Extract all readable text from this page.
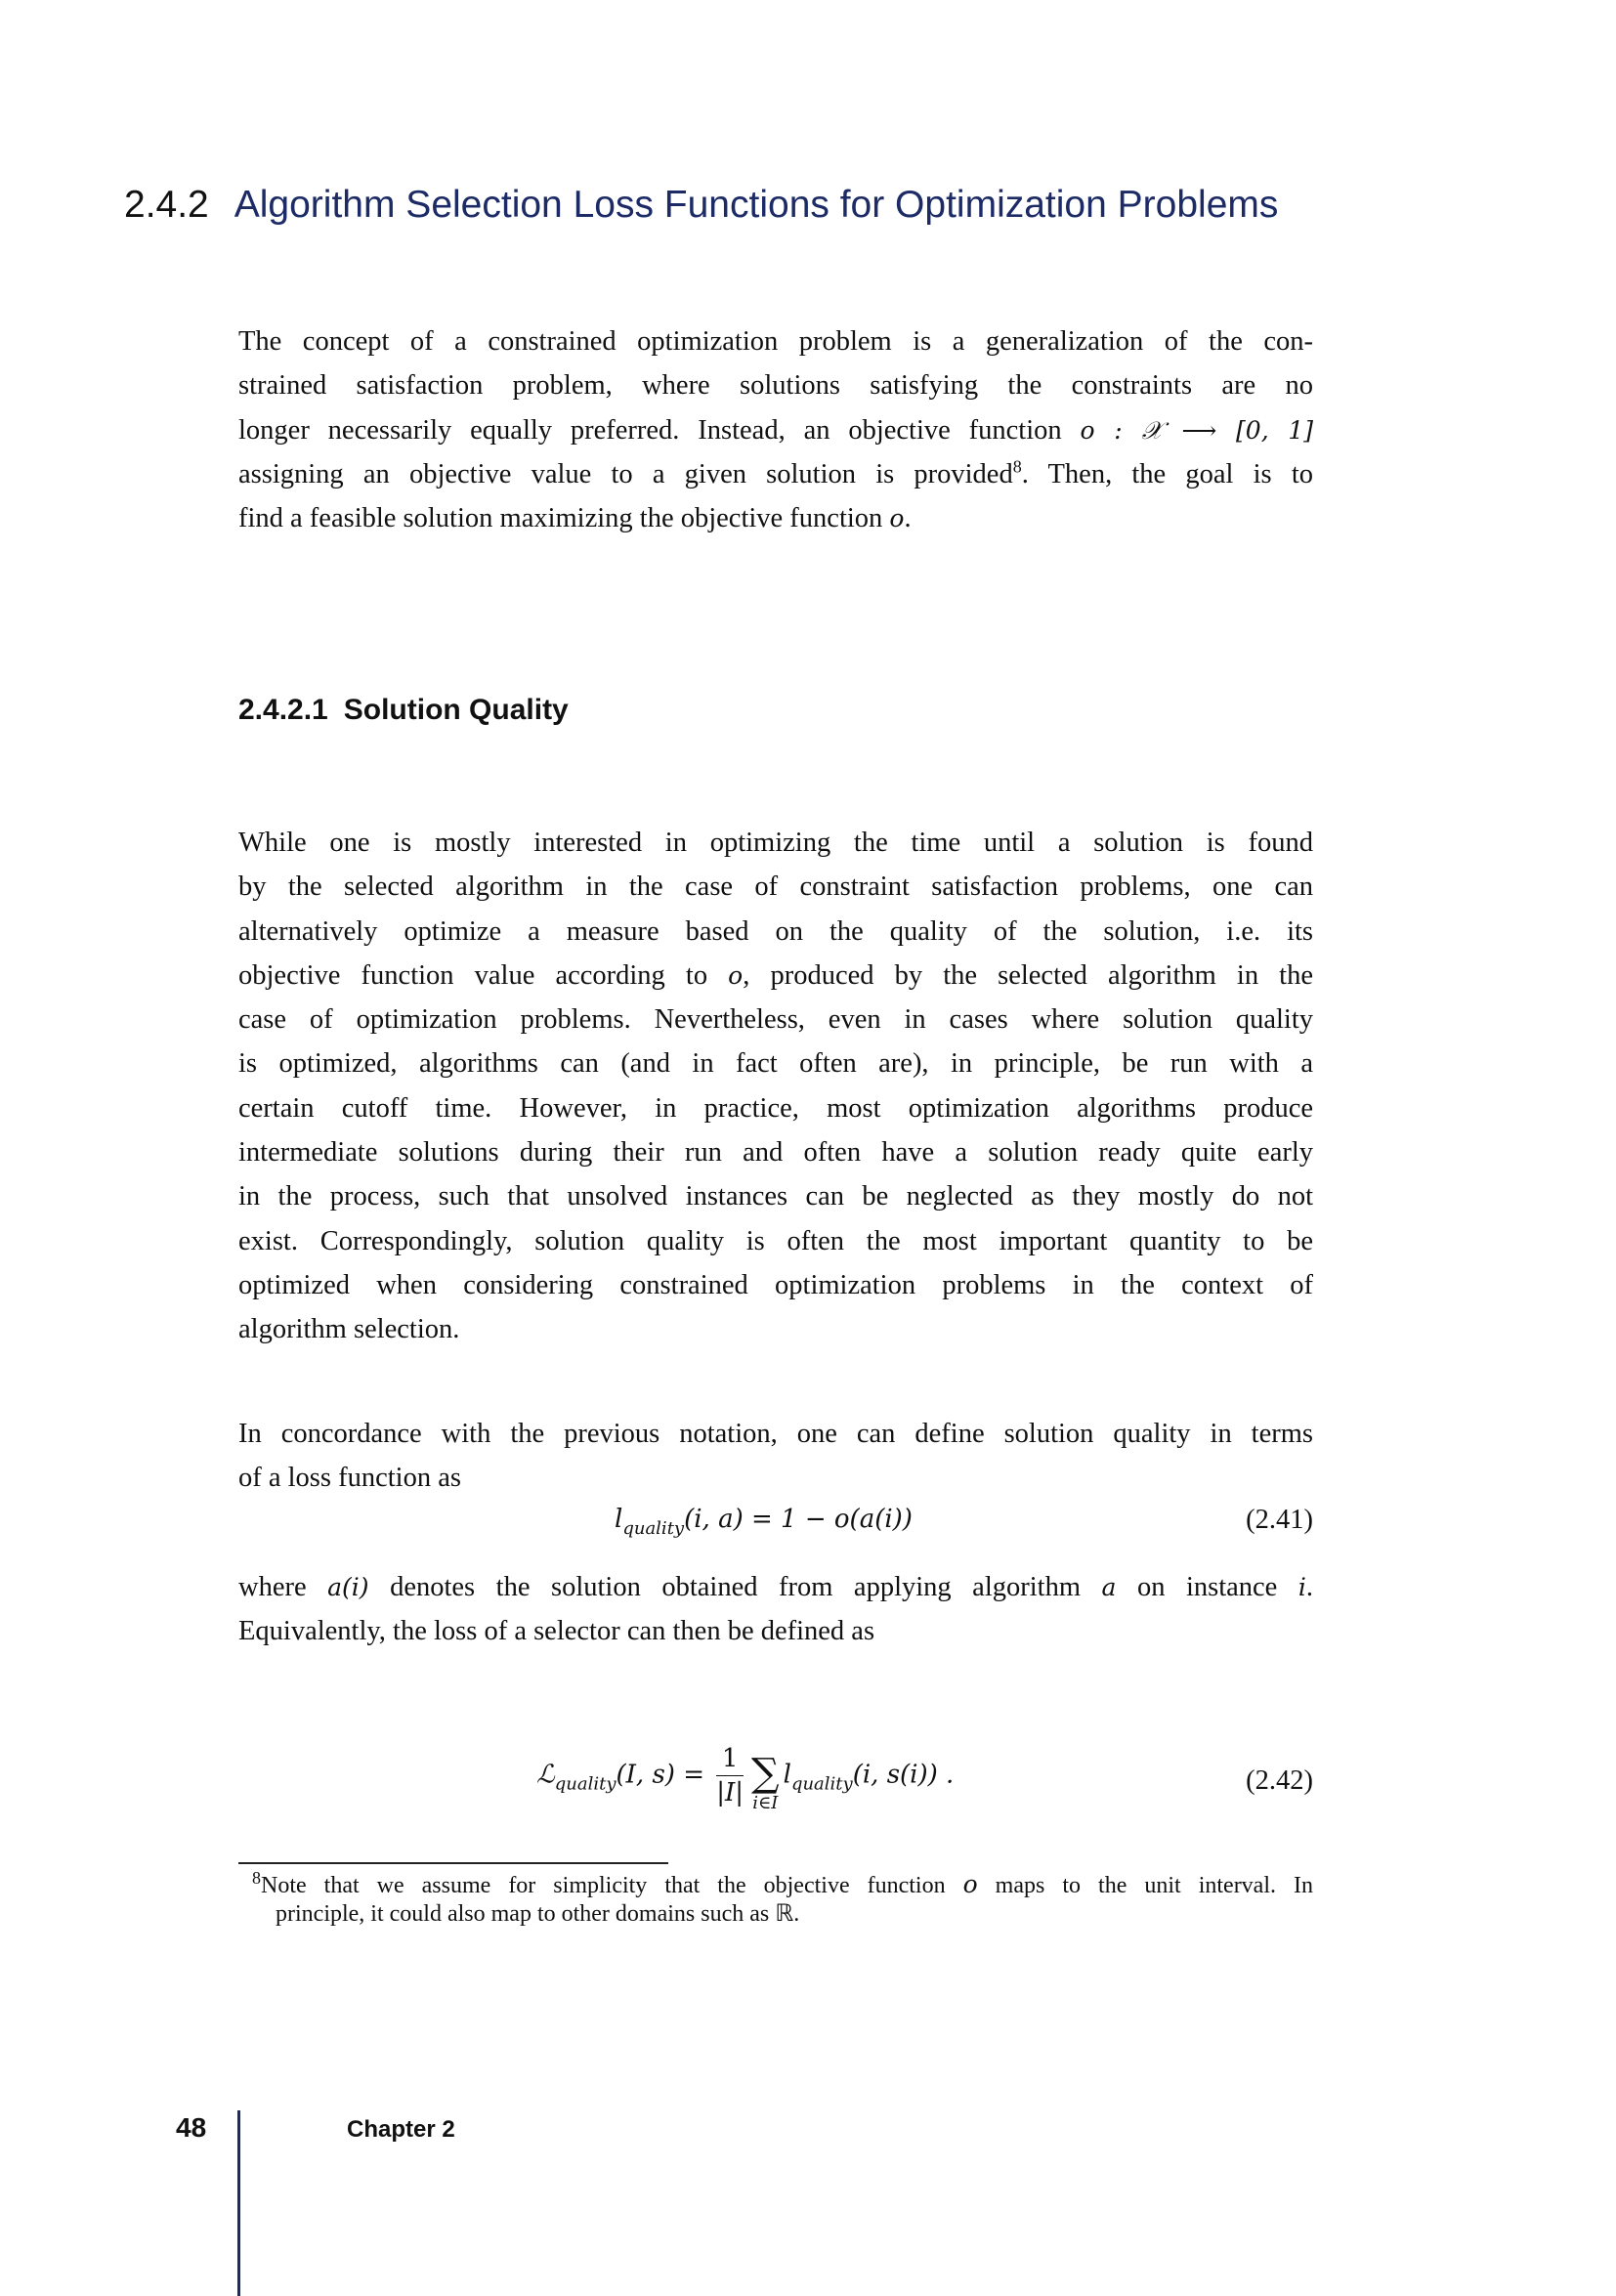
2.4.2 Algorithm Selection Loss Functions for Optimization Problems
The concept of a constrained optimization problem is a generalization of the con-
strained satisfaction problem, where solutions satisfying the constraints are no
longer necessarily equally preferred. Instead, an objective function o : 𝒳 ⟶ [0, 1]
assigning an objective value to a given solution is provided$^8$. Then, the goal is to
find a feasible solution maximizing the objective function o.
2.4.2.1 Solution Quality
While one is mostly interested in optimizing the time until a solution is found
by the selected algorithm in the case of constraint satisfaction problems, one can
alternatively optimize a measure based on the quality of the solution, i.e. its
objective function value according to o, produced by the selected algorithm in the
case of optimization problems. Nevertheless, even in cases where solution quality
is optimized, algorithms can (and in fact often are), in principle, be run with a
certain cutoff time. However, in practice, most optimization algorithms produce
intermediate solutions during their run and often have a solution ready quite early
in the process, such that unsolved instances can be neglected as they mostly do not
exist. Correspondingly, solution quality is often the most important quantity to be
optimized when considering constrained optimization problems in the context of
algorithm selection.
In concordance with the previous notation, one can define solution quality in terms
of a loss function as
$l_{quality}(i$, a) = 1 − o(a(i))	(2.41)
where a(i) denotes the solution obtained from applying algorithm a on instance i.
Equivalently, the loss of a selector can then be defined as
ℒ$_{quality}$(I, $s) = \frac{1}{|I|}$ ∑
i∈I
$l_{quality}(i$, s(i)) .	(2.42)
$^8$Note that we assume for simplicity that the objective function o maps to the unit interval. In
principle, it could also map to other domains such as ℝ.
48	Chapter 2
